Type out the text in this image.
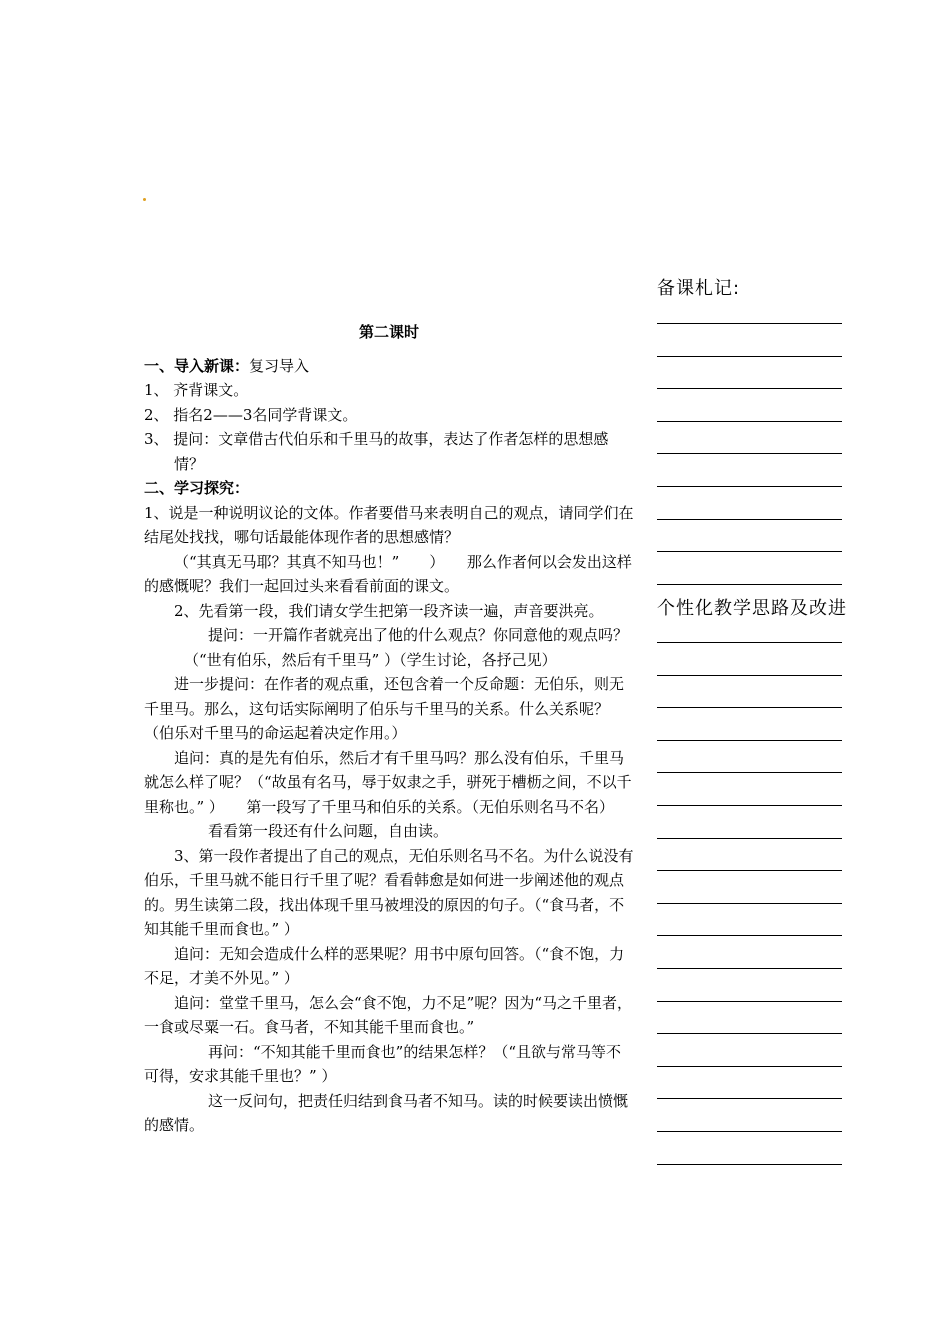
第二课时

一、导入新课：复习导入

1、 齐背课文。

2、 指名2——3名同学背课文。

3、 提问：文章借古代伯乐和千里马的故事，表达了作者怎样的思想感情？

二、学习探究：

1、说是一种说明议论的文体。作者要借马来表明自己的观点，请同学们在结尾处找找，哪句话最能体现作者的思想感情？

（“其真无马耶？其真不知马也！”　　）　　那么作者何以会发出这样的感慨呢？我们一起回过头来看看前面的课文。

2、先看第一段，我们请女学生把第一段齐读一遍，声音要洪亮。

提问：一开篇作者就亮出了他的什么观点？你同意他的观点吗？

（“世有伯乐，然后有千里马” ）（学生讨论，各抒己见）

进一步提问：在作者的观点重，还包含着一个反命题：无伯乐，则无千里马。那么，这句话实际阐明了伯乐与千里马的关系。什么关系呢？（伯乐对千里马的命运起着决定作用。）

追问：真的是先有伯乐，然后才有千里马吗？那么没有伯乐，千里马就怎么样了呢？（“故虽有名马，辱于奴隶之手，骈死于槽枥之间，不以千里称也。” ）　　第一段写了千里马和伯乐的关系。（无伯乐则名马不名）

看看第一段还有什么问题，自由读。

3、第一段作者提出了自己的观点，无伯乐则名马不名。为什么说没有伯乐，千里马就不能日行千里了呢？看看韩愈是如何进一步阐述他的观点的。男生读第二段，找出体现千里马被埋没的原因的句子。（“食马者，不知其能千里而食也。” ）

追问：无知会造成什么样的恶果呢？用书中原句回答。（“食不饱，力不足，才美不外见。” ）

追问：堂堂千里马，怎么会“食不饱，力不足”呢？因为“马之千里者，一食或尽粟一石。食马者，不知其能千里而食也。”

再问：“不知其能千里而食也”的结果怎样？（“且欲与常马等不可得，安求其能千里也？” ）

这一反问句，把责任归结到食马者不知马。读的时候要读出愤慨的感情。

备课札记:
个性化教学思路及改进
